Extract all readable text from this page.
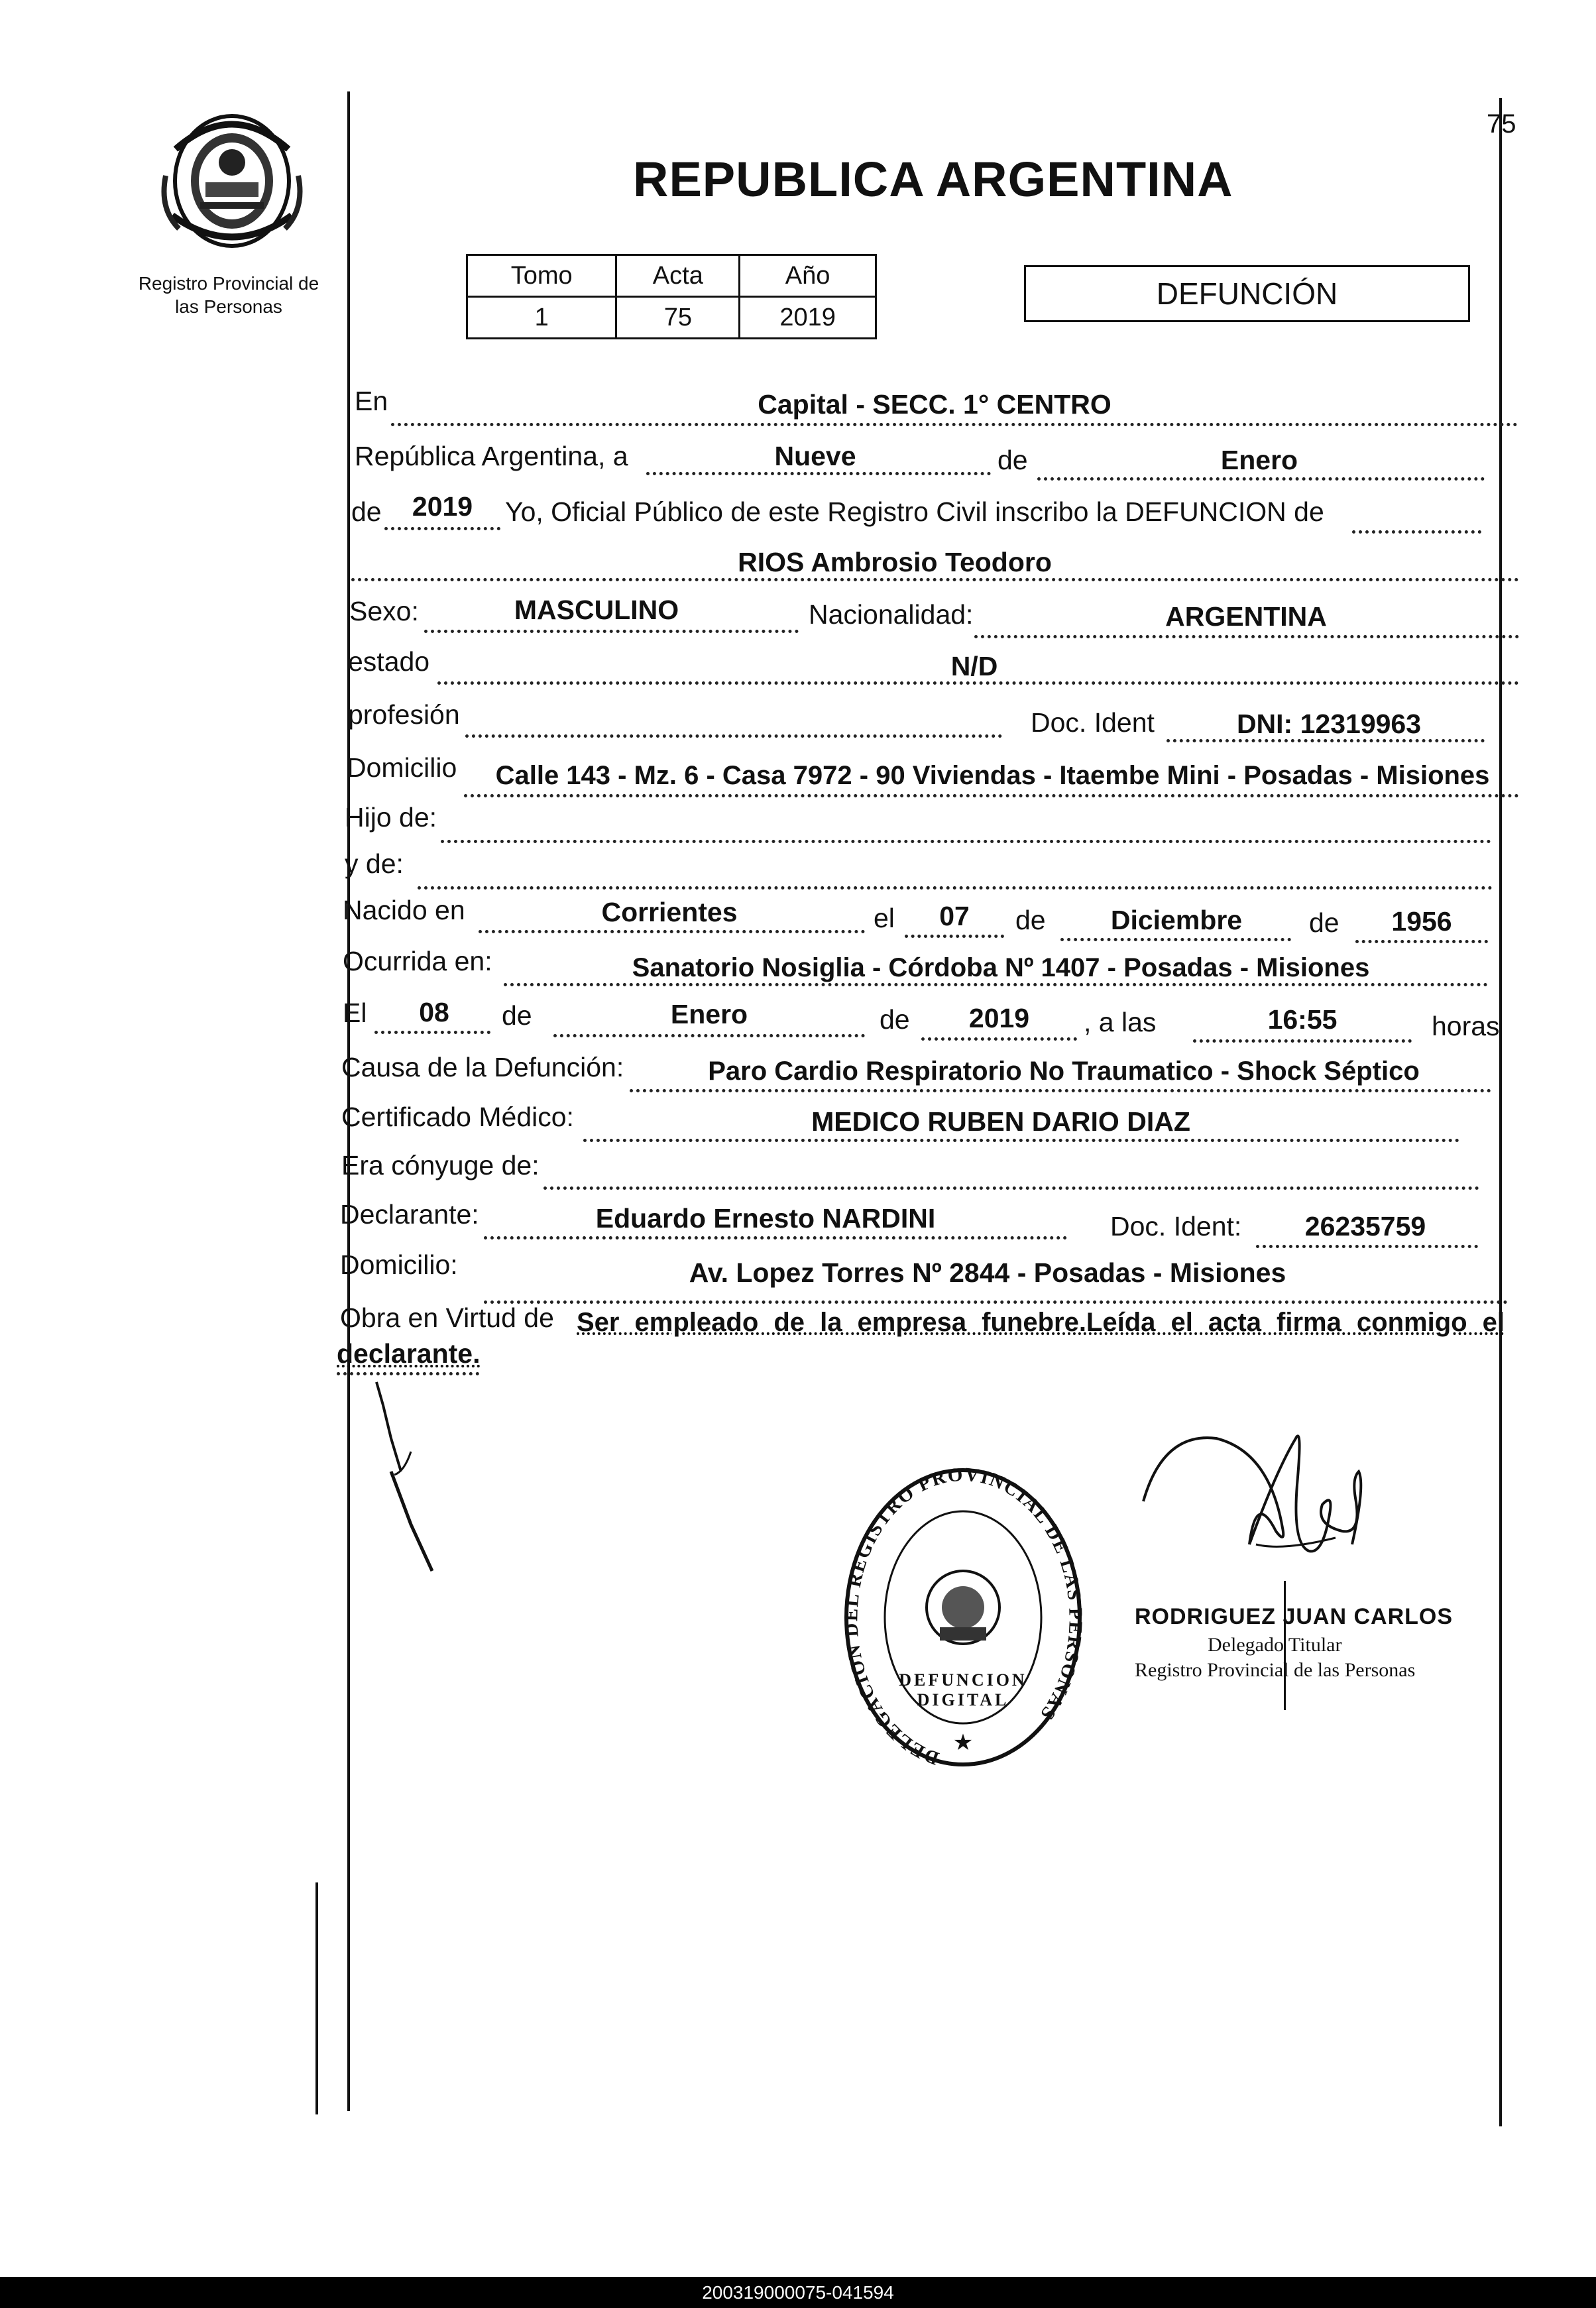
Registro Provincial de
las Personas
75
REPUBLICA ARGENTINA
Tomo	Acta	Año
1	75	2019
DEFUNCIÓN
En	Capital - SECC. 1° CENTRO
República Argentina, a	Nueve	de	Enero
de	2019	Yo, Oficial Público de este Registro Civil inscribo la DEFUNCION de
RIOS Ambrosio Teodoro
Sexo:	MASCULINO	Nacionalidad:	ARGENTINA
estado	N/D
profesión	Doc. Ident	DNI: 12319963
Domicilio	Calle 143 - Mz. 6 - Casa 7972 - 90 Viviendas - Itaembe Mini - Posadas - Misiones
Hijo de:
y de:
Nacido en	Corrientes	el	07	de	Diciembre	de	1956
Ocurrida en:	Sanatorio Nosiglia - Córdoba Nº 1407 - Posadas - Misiones
El	08	de	Enero	de	2019	, a las	16:55	horas
Causa de la Defunción:	Paro Cardio Respiratorio No Traumatico - Shock Séptico
Certificado Médico:	MEDICO RUBEN DARIO DIAZ
Era cónyuge de:
Declarante:	Eduardo Ernesto NARDINI	Doc. Ident:	26235759
Domicilio:	Av. Lopez Torres Nº 2844 - Posadas - Misiones
Obra en Virtud de Ser empleado de la empresa funebre.Leída el acta firma conmigo el
declarante.
DELEGACION DEL REGISTRO PROVINCIAL DE LAS PERSONAS
★
DEFUNCION DIGITAL
RODRIGUEZ JUAN CARLOS
Delegado Titular
Registro Provincial de las Personas
200319000075-041594
